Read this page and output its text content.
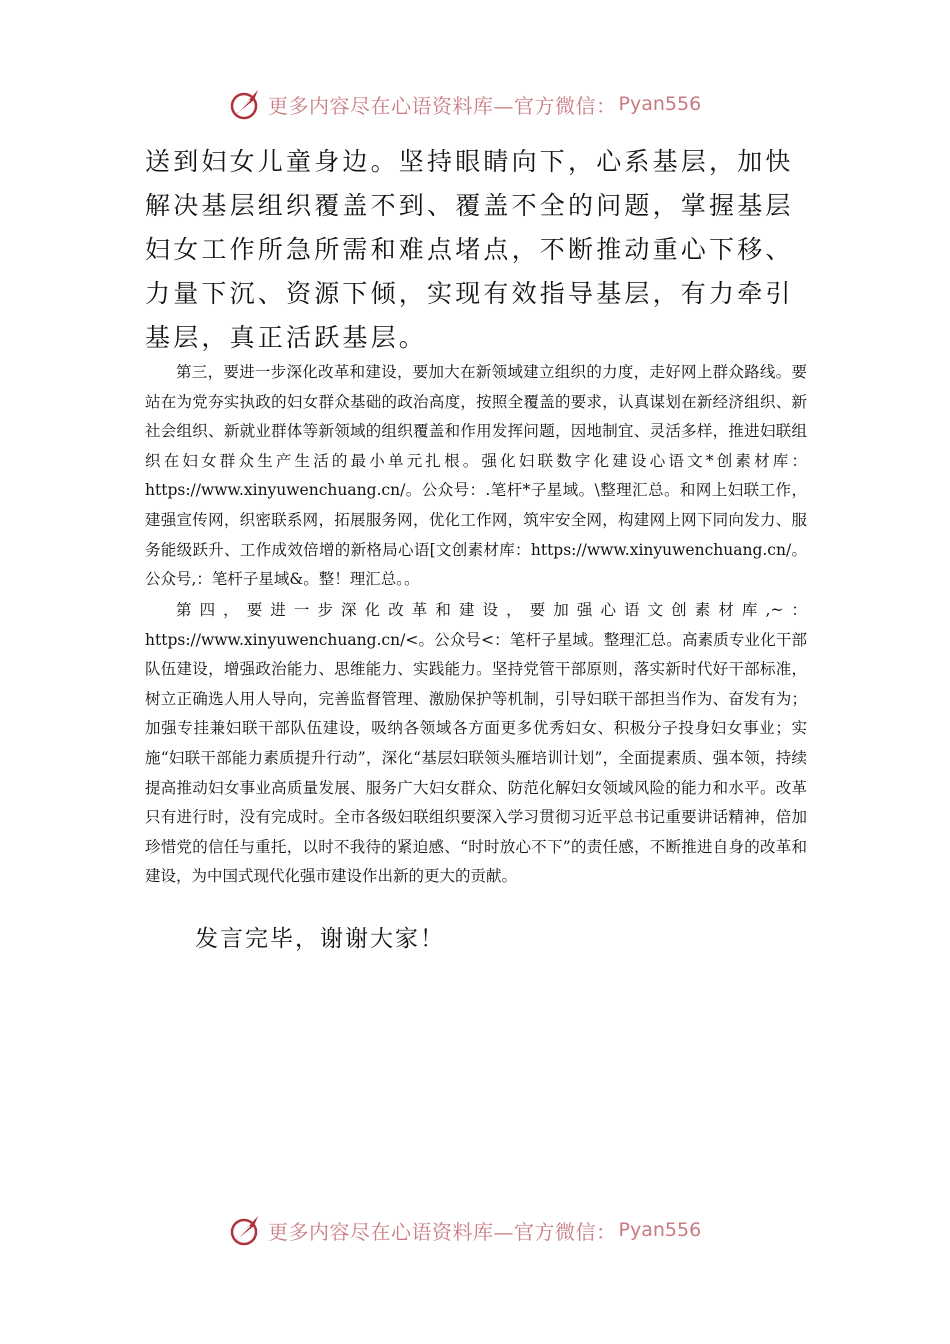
更多内容尽在心语资料库—官方微信： Pyan556
送到妇女儿童身边。坚持眼睛向下，心系基层，加快解决基层组织覆盖不到、覆盖不全的问题，掌握基层妇女工作所急所需和难点堵点，不断推动重心下移、力量下沉、资源下倾，实现有效指导基层，有力牵引基层，真正活跃基层。
第三，要进一步深化改革和建设，要加大在新领域建立组织的力度，走好网上群众路线。要站在为党夯实执政的妇女群众基础的政治高度，按照全覆盖的要求，认真谋划在新经济组织、新社会组织、新就业群体等新领域的组织覆盖和作用发挥问题，因地制宜、灵活多样，推进妇联组织在妇女群众生产生活的最小单元扎根。强化妇联数字化建设心语文*创素材库：https://www.xinyuwenchuang.cn/。公众号：.笔杆*子星域。\整理汇总。和网上妇联工作，建强宣传网，织密联系网，拓展服务网，优化工作网，筑牢安全网，构建网上网下同向发力、服务能级跃升、工作成效倍增的新格局心语[文创素材库：https://www.xinyuwenchuang.cn/。公众号,：笔杆子星域&。整！理汇总。。
第四，要进一步深化改革和建设，要加强心语文创素材库,~：https://www.xinyuwenchuang.cn/<。公众号<：笔杆子星域。整理汇总。高素质专业化干部队伍建设，增强政治能力、思维能力、实践能力。坚持党管干部原则，落实新时代好干部标准，树立正确选人用人导向，完善监督管理、激励保护等机制，引导妇联干部担当作为、奋发有为；加强专挂兼妇联干部队伍建设，吸纳各领域各方面更多优秀妇女、积极分子投身妇女事业；实施“妇联干部能力素质提升行动”，深化“基层妇联领头雁培训计划”，全面提素质、强本领，持续提高推动妇女事业高质量发展、服务广大妇女群众、防范化解妇女领域风险的能力和水平。改革只有进行时，没有完成时。全市各级妇联组织要深入学习贯彻习近平总书记重要讲话精神，倍加珍惜党的信任与重托，以时不我待的紧迫感、“时时放心不下”的责任感，不断推进自身的改革和建设，为中国式现代化强市建设作出新的更大的贡献。
发言完毕，谢谢大家！
更多内容尽在心语资料库—官方微信： Pyan556
